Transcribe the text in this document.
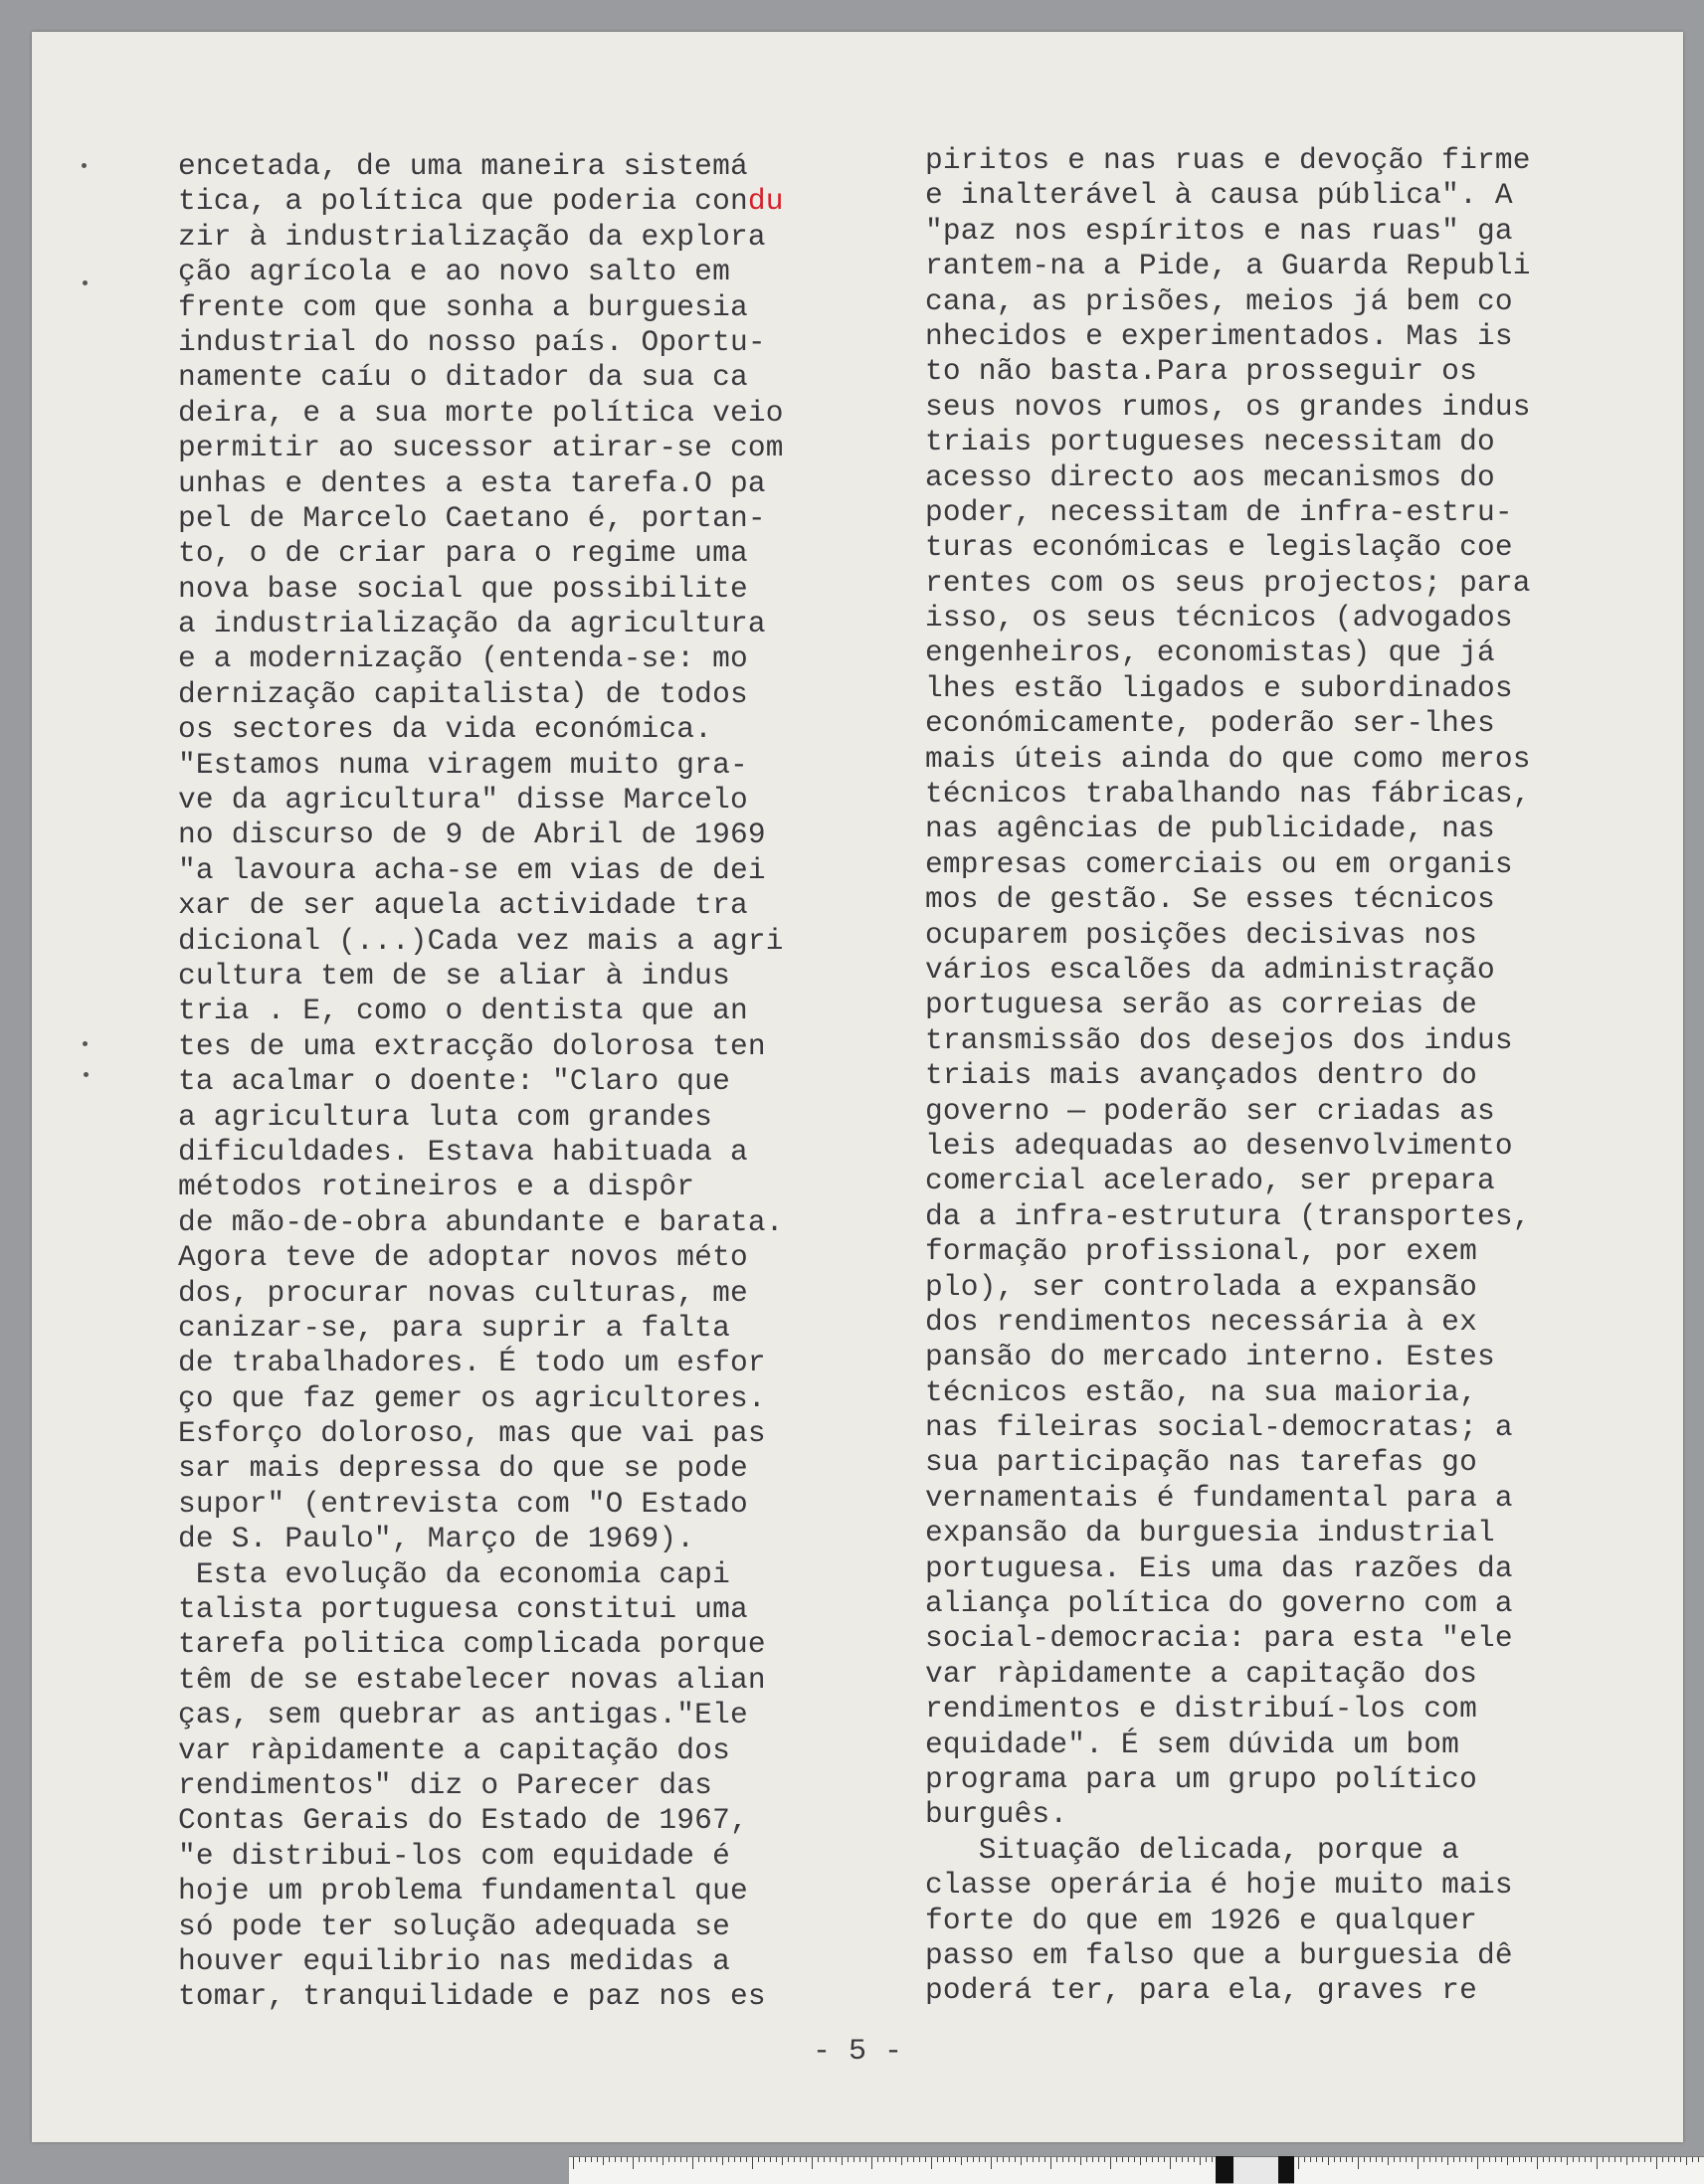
encetada, de uma maneira sistemá
tica, a política que poderia condu
zir à industrialização da explora
ção agrícola e ao novo salto em
frente com que sonha a burguesia
industrial do nosso país. Oportu-
namente caíu o ditador da sua ca
deira, e a sua morte política veio
permitir ao sucessor atirar-se com
unhas e dentes a esta tarefa.O pa
pel de Marcelo Caetano é, portan-
to, o de criar para o regime uma
nova base social que possibilite
a industrialização da agricultura
e a modernização (entenda-se: mo
dernização capitalista) de todos
os sectores da vida económica.
"Estamos numa viragem muito gra-
ve da agricultura" disse Marcelo
no discurso de 9 de Abril de 1969
"a lavoura acha-se em vias de dei
xar de ser aquela actividade tra
dicional (...)Cada vez mais a agri
cultura tem de se aliar à indus
tria . E, como o dentista que an
tes de uma extracção dolorosa ten
ta acalmar o doente: "Claro que
a agricultura luta com grandes
dificuldades. Estava habituada a
métodos rotineiros e a dispôr
de mão-de-obra abundante e barata.
Agora teve de adoptar novos méto
dos, procurar novas culturas, me
canizar-se, para suprir a falta
de trabalhadores. É todo um esfor
ço que faz gemer os agricultores.
Esforço doloroso, mas que vai pas
sar mais depressa do que se pode
supor" (entrevista com "O Estado
de S. Paulo", Março de 1969).
Esta evolução da economia capi
talista portuguesa constitui uma
tarefa politica complicada porque
têm de se estabelecer novas alian
ças, sem quebrar as antigas."Ele
var ràpidamente a capitação dos
rendimentos" diz o Parecer das
Contas Gerais do Estado de 1967,
"e distribui-los com equidade é
hoje um problema fundamental que
só pode ter solução adequada se
houver equilibrio nas medidas a
tomar, tranquilidade e paz nos es
piritos e nas ruas e devoção firme
e inalterável à causa pública". A
"paz nos espíritos e nas ruas" ga
rantem-na a Pide, a Guarda Republi
cana, as prisões, meios já bem co
nhecidos e experimentados. Mas is
to não basta.Para prosseguir os
seus novos rumos, os grandes indus
triais portugueses necessitam do
acesso directo aos mecanismos do
poder, necessitam de infra-estru-
turas económicas e legislação coe
rentes com os seus projectos; para
isso, os seus técnicos (advogados
engenheiros, economistas) que já
lhes estão ligados e subordinados
económicamente, poderão ser-lhes
mais úteis ainda do que como meros
técnicos trabalhando nas fábricas,
nas agências de publicidade, nas
empresas comerciais ou em organis
mos de gestão. Se esses técnicos
ocuparem posições decisivas nos
vários escalões da administração
portuguesa serão as correias de
transmissão dos desejos dos indus
triais mais avançados dentro do
governo — poderão ser criadas as
leis adequadas ao desenvolvimento
comercial acelerado, ser prepara
da a infra-estrutura (transportes,
formação profissional, por exem
plo), ser controlada a expansão
dos rendimentos necessária à ex
pansão do mercado interno. Estes
técnicos estão, na sua maioria,
nas fileiras social-democratas; a
sua participação nas tarefas go
vernamentais é fundamental para a
expansão da burguesia industrial
portuguesa. Eis uma das razões da
aliança política do governo com a
social-democracia: para esta "ele
var ràpidamente a capitação dos
rendimentos e distribuí-los com
equidade". É sem dúvida um bom
programa para um grupo político
burguês.
Situação delicada, porque a
classe operária é hoje muito mais
forte do que em 1926 e qualquer
passo em falso que a burguesia dê
poderá ter, para ela, graves re
- 5 -
